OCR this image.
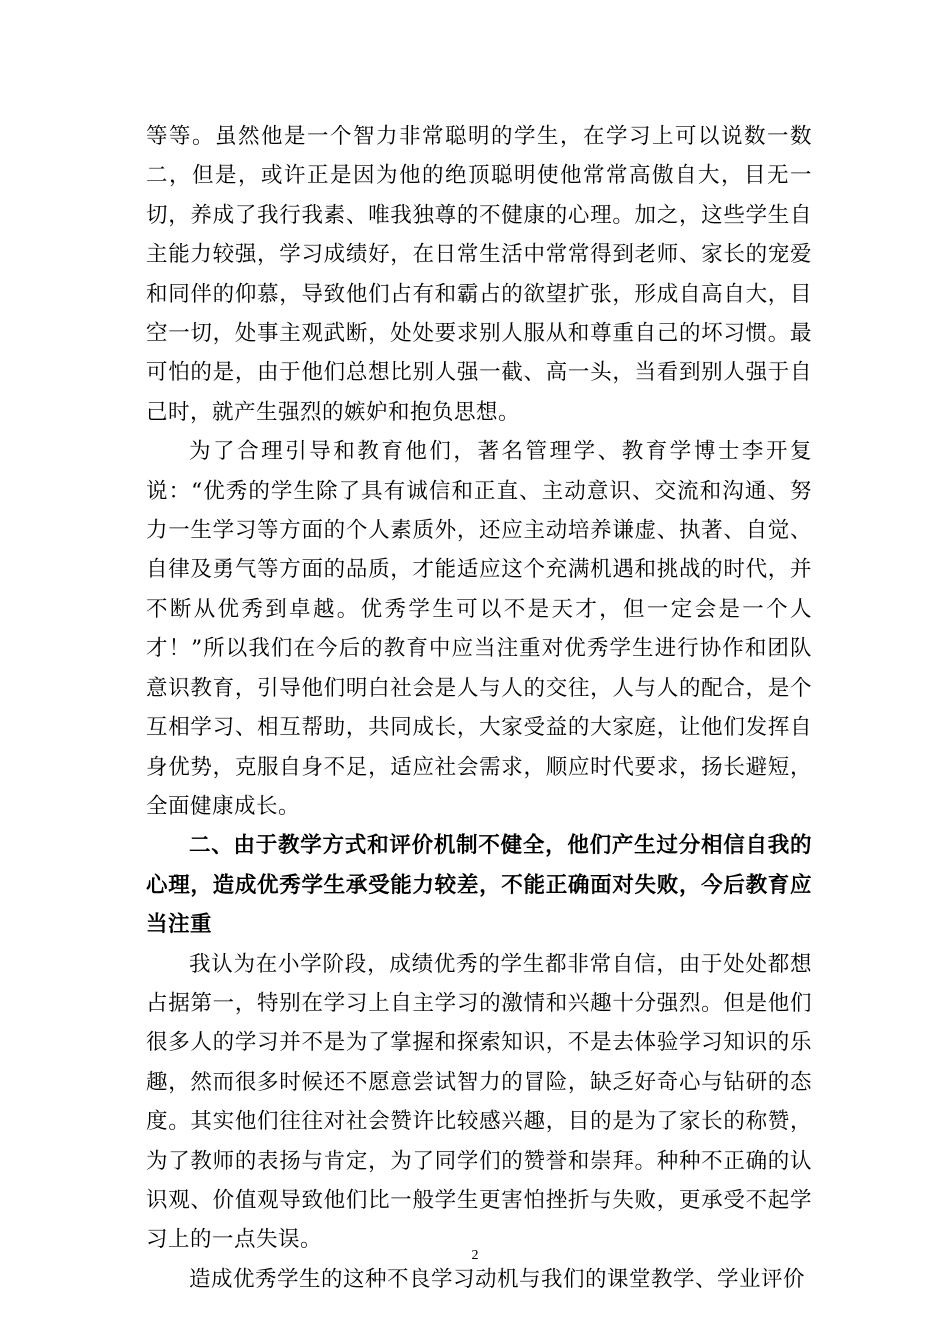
等等。虽然他是一个智力非常聪明的学生，在学习上可以说数一数二，但是，或许正是因为他的绝顶聪明使他常常高傲自大，目无一切，养成了我行我素、唯我独尊的不健康的心理。加之，这些学生自主能力较强，学习成绩好，在日常生活中常常得到老师、家长的宠爱和同伴的仰慕，导致他们占有和霸占的欲望扩张，形成自高自大，目空一切，处事主观武断，处处要求别人服从和尊重自己的坏习惯。最可怕的是，由于他们总想比别人强一截、高一头，当看到别人强于自己时，就产生强烈的嫉妒和抱负思想。

为了合理引导和教育他们，著名管理学、教育学博士李开复说：“优秀的学生除了具有诚信和正直、主动意识、交流和沟通、努力一生学习等方面的个人素质外，还应主动培养谦虚、执著、自觉、自律及勇气等方面的品质，才能适应这个充满机遇和挑战的时代，并不断从优秀到卓越。优秀学生可以不是天才，但一定会是一个人才！”所以我们在今后的教育中应当注重对优秀学生进行协作和团队意识教育，引导他们明白社会是人与人的交往，人与人的配合，是个互相学习、相互帮助，共同成长，大家受益的大家庭，让他们发挥自身优势，克服自身不足，适应社会需求，顺应时代要求，扬长避短，全面健康成长。

二、由于教学方式和评价机制不健全，他们产生过分相信自我的心理，造成优秀学生承受能力较差，不能正确面对失败，今后教育应当注重

我认为在小学阶段，成绩优秀的学生都非常自信，由于处处都想占据第一，特别在学习上自主学习的激情和兴趣十分强烈。但是他们很多人的学习并不是为了掌握和探索知识，不是去体验学习知识的乐趣，然而很多时候还不愿意尝试智力的冒险，缺乏好奇心与钻研的态度。其实他们往往对社会赞许比较感兴趣，目的是为了家长的称赞，为了教师的表扬与肯定，为了同学们的赞誉和崇拜。种种不正确的认识观、价值观导致他们比一般学生更害怕挫折与失败，更承受不起学习上的一点失误。

造成优秀学生的这种不良学习动机与我们的课堂教学、学业评价

2
